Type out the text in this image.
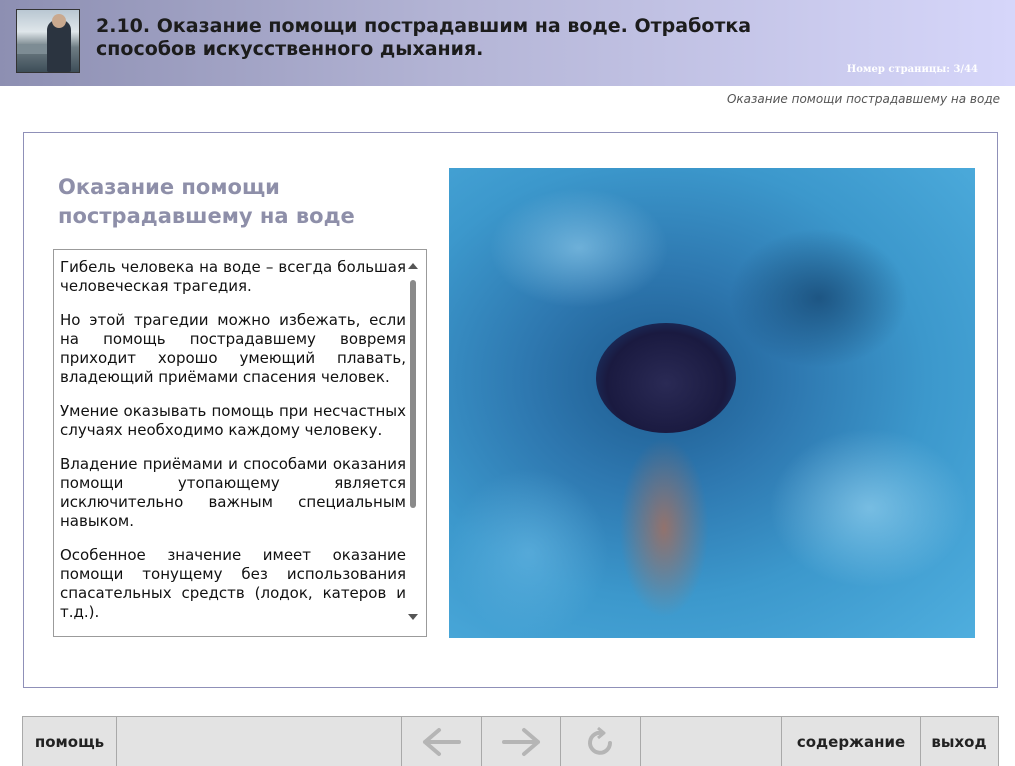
2.10. Оказание помощи пострадавшим на воде. Отработка
способов искусственного дыхания.
Номер страницы: 3/44
Оказание помощи пострадавшему на воде
Оказание помощи пострадавшему на воде

Гибель человека на воде – всегда большая человеческая трагедия.

Но этой трагедии можно избежать, если на помощь пострадавшему вовремя приходит хорошо умеющий плавать, владеющий приёмами спасения человек.

Умение оказывать помощь при несчастных случаях необходимо каждому человеку.

Владение приёмами и способами оказания помощи утопающему является исключительно важным специальным навыком.

Особенное значение имеет оказание помощи тонущему без использования спасательных средств (лодок, катеров и т.д.).

помощь	содержание	выход
